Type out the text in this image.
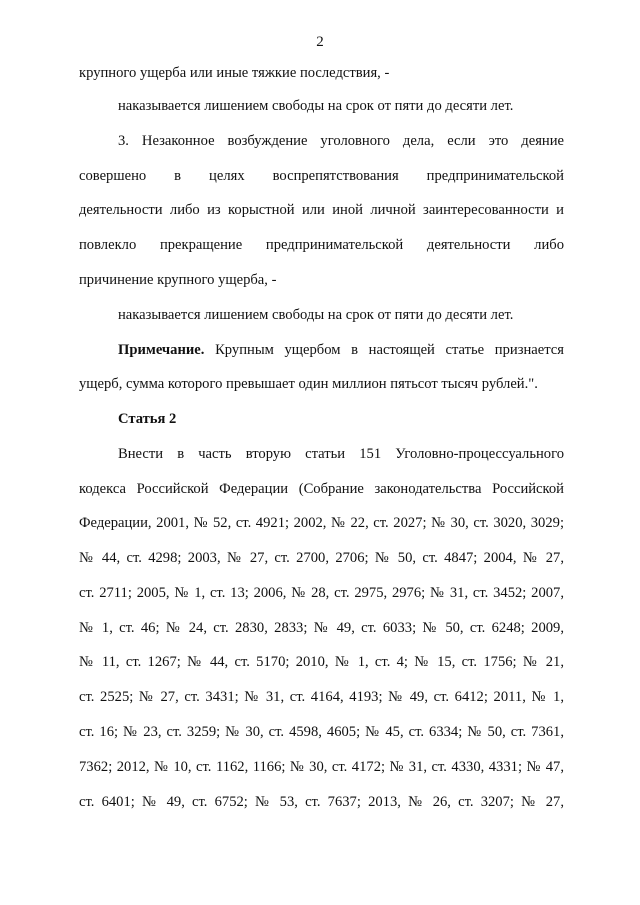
2
крупного ущерба или иные тяжкие последствия, -
наказывается лишением свободы на срок от пяти до десяти лет.
3. Незаконное возбуждение уголовного дела, если это деяние
совершено в целях воспрепятствования предпринимательской
деятельности либо из корыстной или иной личной заинтересованности и
повлекло прекращение предпринимательской деятельности либо
причинение крупного ущерба, -
наказывается лишением свободы на срок от пяти до десяти лет.
Примечание. Крупным ущербом в настоящей статье признается
ущерб, сумма которого превышает один миллион пятьсот тысяч рублей.".
Статья 2
Внести в часть вторую статьи 151 Уголовно-процессуального
кодекса Российской Федерации (Собрание законодательства Российской
Федерации, 2001, № 52, ст. 4921; 2002, № 22, ст. 2027; № 30, ст. 3020, 3029;
№ 44, ст. 4298; 2003, № 27, ст. 2700, 2706; № 50, ст. 4847; 2004, № 27,
ст. 2711; 2005, № 1, ст. 13; 2006, № 28, ст. 2975, 2976; № 31, ст. 3452; 2007,
№ 1, ст. 46; № 24, ст. 2830, 2833; № 49, ст. 6033; № 50, ст. 6248; 2009,
№ 11, ст. 1267; № 44, ст. 5170; 2010, № 1, ст. 4; № 15, ст. 1756; № 21,
ст. 2525; № 27, ст. 3431; № 31, ст. 4164, 4193; № 49, ст. 6412; 2011, № 1,
ст. 16; № 23, ст. 3259; № 30, ст. 4598, 4605; № 45, ст. 6334; № 50, ст. 7361,
7362; 2012, № 10, ст. 1162, 1166; № 30, ст. 4172; № 31, ст. 4330, 4331; № 47,
ст. 6401; № 49, ст. 6752; № 53, ст. 7637; 2013, № 26, ст. 3207; № 27,
